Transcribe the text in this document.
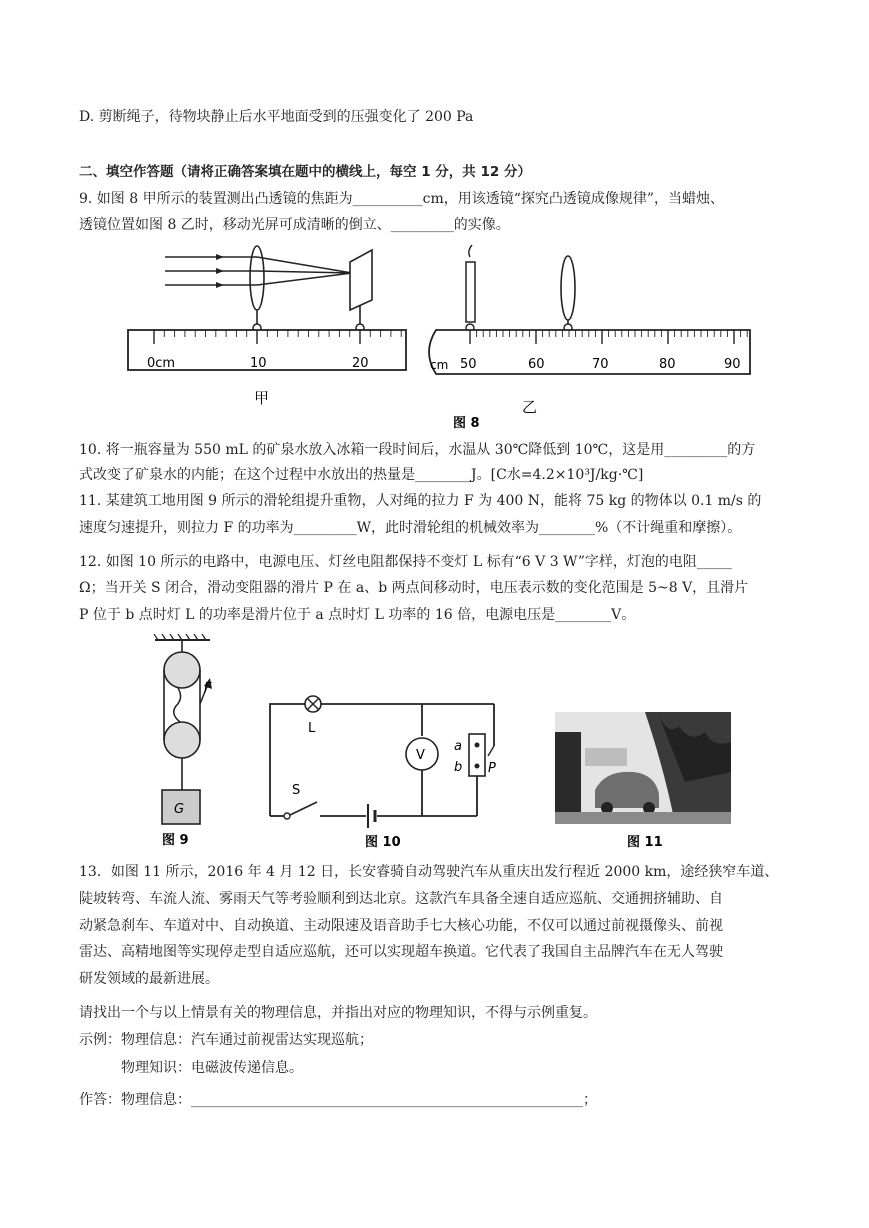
D. 剪断绳子，待物块静止后水平地面受到的压强变化了 200 Pa
二、填空作答题（请将正确答案填在题中的横线上，每空 1 分，共 12 分）
9. 如图 8 甲所示的装置测出凸透镜的焦距为__________cm，用该透镜“探究凸透镜成像规律”，当蜡烛、
透镜位置如图 8 乙时，移动光屏可成清晰的倒立、_________的实像。
0cm	10	20
甲
cm 50	60	70	80	90
乙
图 8
10. 将一瓶容量为 550 mL 的矿泉水放入冰箱一段时间后，水温从 30℃降低到 10℃，这是用_________的方
式改变了矿泉水的内能；在这个过程中水放出的热量是________J。[C水=4.2×10³J/kg·℃]
11. 某建筑工地用图 9 所示的滑轮组提升重物，人对绳的拉力 F 为 400 N，能将 75 kg 的物体以 0.1 m/s 的
速度匀速提升，则拉力 F 的功率为_________W，此时滑轮组的机械效率为________%（不计绳重和摩擦）。
12. 如图 10 所示的电路中，电源电压、灯丝电阻都保持不变灯 L 标有“6 V 3 W”字样，灯泡的电阻_____
Ω；当开关 S 闭合，滑动变阻器的滑片 P 在 a、b 两点间移动时，电压表示数的变化范围是 5~8 V，且滑片
P 位于 b 点时灯 L 的功率是滑片位于 a 点时灯 L 功率的 16 倍，电源电压是________V。
F
G
图 9
L
V
a
b P
S
图 10	图 11
13．如图 11 所示，2016 年 4 月 12 日，长安睿骑自动驾驶汽车从重庆出发行程近 2000 km，途经狭窄车道、
陡坡转弯、车流人流、雾雨天气等考验顺利到达北京。这款汽车具备全速自适应巡航、交通拥挤辅助、自
动紧急刹车、车道对中、自动换道、主动限速及语音助手七大核心功能，不仅可以通过前视摄像头、前视
雷达、高精地图等实现停走型自适应巡航，还可以实现超车换道。它代表了我国自主品牌汽车在无人驾驶
研发领域的最新进展。
请找出一个与以上情景有关的物理信息，并指出对应的物理知识，不得与示例重复。
示例：物理信息：汽车通过前视雷达实现巡航；
物理知识：电磁波传递信息。
作答：物理信息：________________________________________________________；
